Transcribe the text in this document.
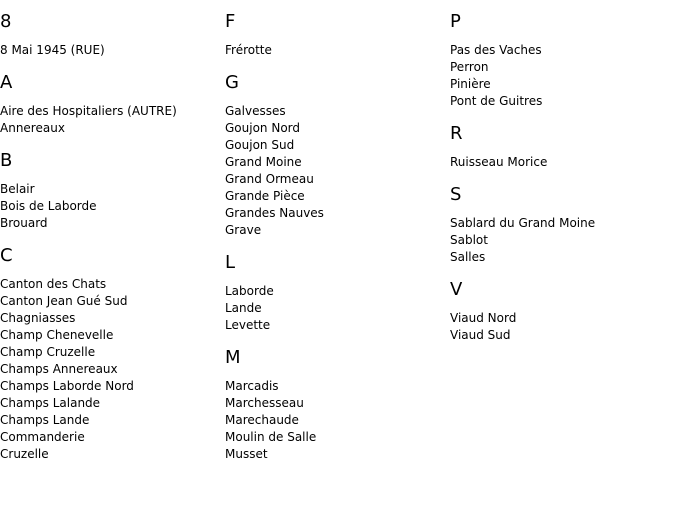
8
8 Mai 1945 (RUE)
A
Aire des Hospitaliers (AUTRE)
Annereaux
B
Belair
Bois de Laborde
Brouard
C
Canton des Chats
Canton Jean Gué Sud
Chagniasses
Champ Chenevelle
Champ Cruzelle
Champs Annereaux
Champs Laborde Nord
Champs Lalande
Champs Lande
Commanderie
Cruzelle
F
Frérotte
G
Galvesses
Goujon Nord
Goujon Sud
Grand Moine
Grand Ormeau
Grande Pièce
Grandes Nauves
Grave
L
Laborde
Lande
Levette
M
Marcadis
Marchesseau
Marechaude
Moulin de Salle
Musset
P
Pas des Vaches
Perron
Pinière
Pont de Guitres
R
Ruisseau Morice
S
Sablard du Grand Moine
Sablot
Salles
V
Viaud Nord
Viaud Sud
